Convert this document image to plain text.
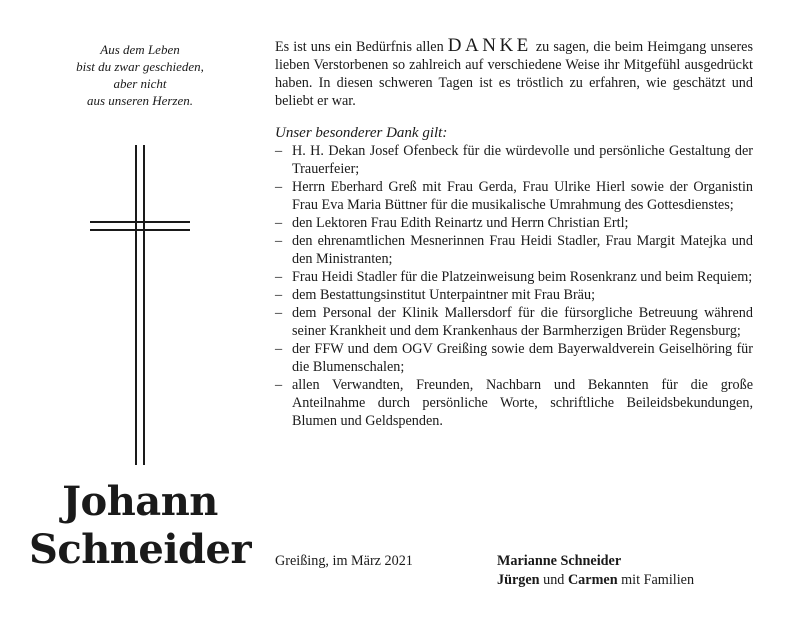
Aus dem Leben
bist du zwar geschieden,
aber nicht
aus unseren Herzen.
Johann
Schneider

Es ist uns ein Bedürfnis allen DANKE zu sagen, die beim Heimgang unseres lieben Verstorbenen so zahlreich auf verschiedene Weise ihr Mitgefühl ausgedrückt haben. In diesen schweren Tagen ist es tröstlich zu erfahren, wie geschätzt und beliebt er war.

Unser besonderer Dank gilt:

– H. H. Dekan Josef Ofenbeck für die würdevolle und persönliche Gestaltung der Trauerfeier;
– Herrn Eberhard Greß mit Frau Gerda, Frau Ulrike Hierl sowie der Organistin Frau Eva Maria Büttner für die musikalische Umrahmung des Gottesdienstes;
– den Lektoren Frau Edith Reinartz und Herrn Christian Ertl;
– den ehrenamtlichen Mesnerinnen Frau Heidi Stadler, Frau Margit Matejka und den Ministranten;
– Frau Heidi Stadler für die Platzeinweisung beim Rosenkranz und beim Requiem;
– dem Bestattungsinstitut Unterpaintner mit Frau Bräu;
– dem Personal der Klinik Mallersdorf für die fürsorgliche Betreuung während seiner Krankheit und dem Krankenhaus der Barmherzigen Brüder Regensburg;
– der FFW und dem OGV Greißing sowie dem Bayerwaldverein Geiselhöring für die Blumenschalen;
– allen Verwandten, Freunden, Nachbarn und Bekannten für die große Anteilnahme durch persönliche Worte, schriftliche Beileidsbekundungen, Blumen und Geldspenden.
Greißing, im März 2021	Marianne Schneider
Jürgen und Carmen mit Familien
